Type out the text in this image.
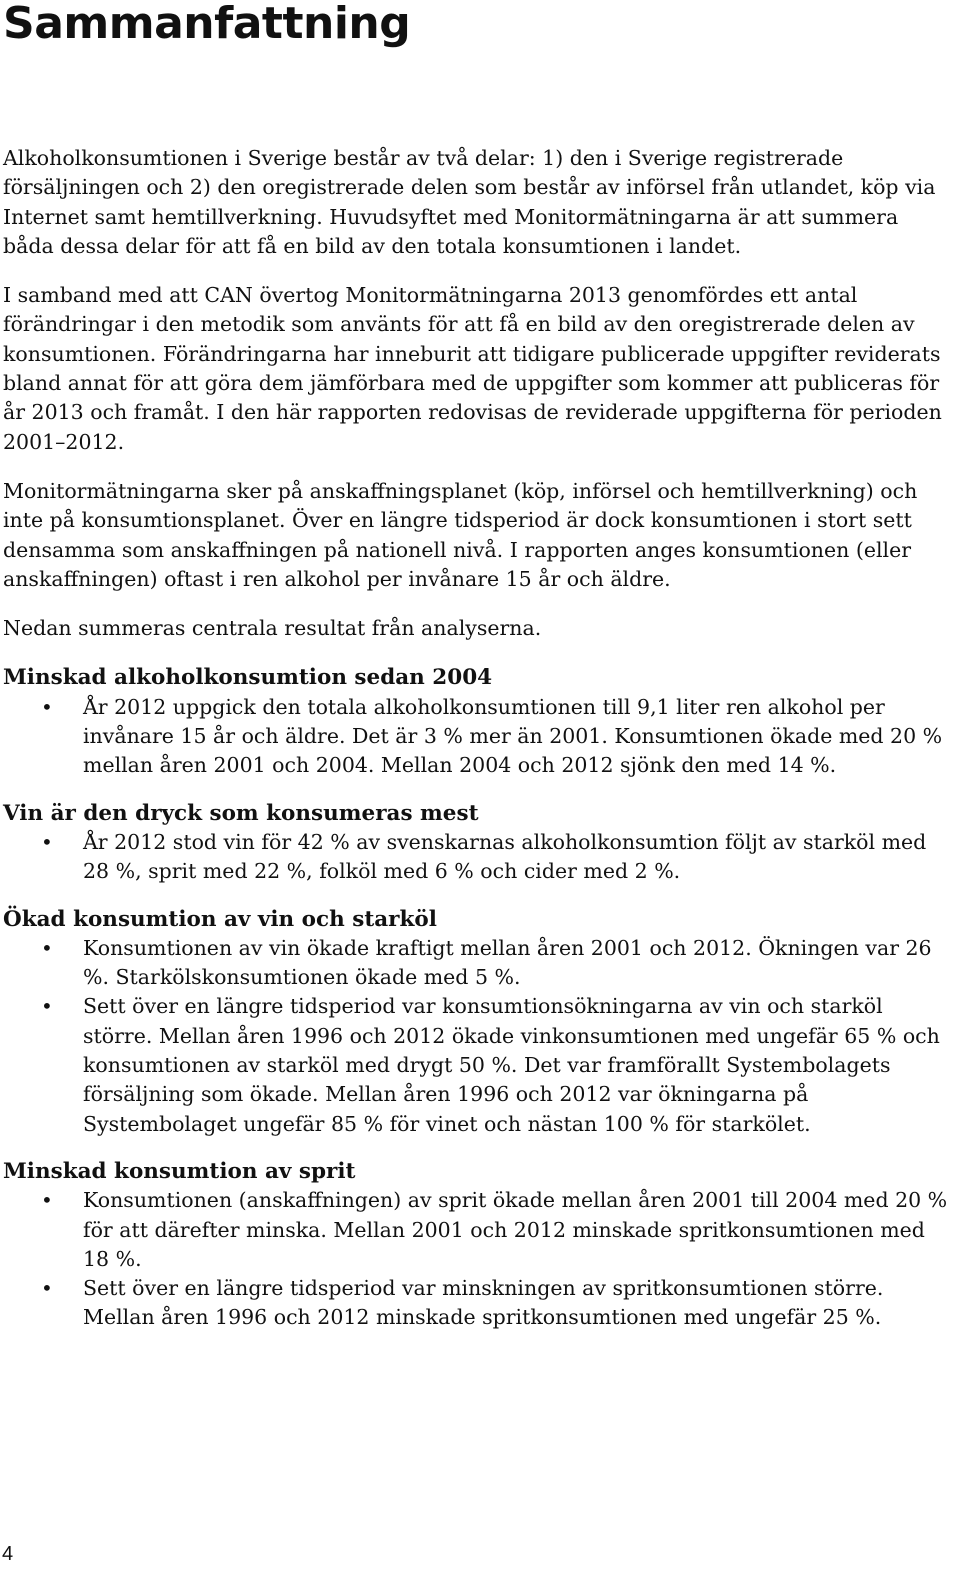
Sammanfattning

Alkoholkonsumtionen i Sverige består av två delar: 1) den i Sverige registrerade försäljningen och 2) den oregistrerade delen som består av införsel från utlandet, köp via Internet samt hemtillverkning. Huvudsyftet med Monitormätningarna är att summera båda dessa delar för att få en bild av den totala konsumtionen i landet.

I samband med att CAN övertog Monitormätningarna 2013 genomfördes ett antal förändringar i den metodik som använts för att få en bild av den oregistrerade delen av konsumtionen. Förändringarna har inneburit att tidigare publicerade uppgifter reviderats bland annat för att göra dem jämförbara med de uppgifter som kommer att publiceras för år 2013 och framåt. I den här rapporten redovisas de reviderade uppgifterna för perioden 2001–2012.

Monitormätningarna sker på anskaffningsplanet (köp, införsel och hemtillverkning) och inte på konsumtionsplanet. Över en längre tidsperiod är dock konsumtionen i stort sett densamma som anskaffningen på nationell nivå. I rapporten anges konsumtionen (eller anskaffningen) oftast i ren alkohol per invånare 15 år och äldre.

Nedan summeras centrala resultat från analyserna.

Minskad alkoholkonsumtion sedan 2004
• År 2012 uppgick den totala alkoholkonsumtionen till 9,1 liter ren alkohol per invånare 15 år och äldre. Det är 3 % mer än 2001. Konsumtionen ökade med 20 % mellan åren 2001 och 2004. Mellan 2004 och 2012 sjönk den med 14 %.
Vin är den dryck som konsumeras mest
• År 2012 stod vin för 42 % av svenskarnas alkoholkonsumtion följt av starköl med 28 %, sprit med 22 %, folköl med 6 % och cider med 2 %.
Ökad konsumtion av vin och starköl
• Konsumtionen av vin ökade kraftigt mellan åren 2001 och 2012. Ökningen var 26 %. Starkölskonsumtionen ökade med 5 %.
• Sett över en längre tidsperiod var konsumtionsökningarna av vin och starköl större. Mellan åren 1996 och 2012 ökade vinkonsumtionen med ungefär 65 % och konsumtionen av starköl med drygt 50 %. Det var framförallt Systembolagets försäljning som ökade. Mellan åren 1996 och 2012 var ökningarna på Systembolaget ungefär 85 % för vinet och nästan 100 % för starkölet.
Minskad konsumtion av sprit
• Konsumtionen (anskaffningen) av sprit ökade mellan åren 2001 till 2004 med 20 % för att därefter minska. Mellan 2001 och 2012 minskade spritkonsumtionen med 18 %.
• Sett över en längre tidsperiod var minskningen av spritkonsumtionen större. Mellan åren 1996 och 2012 minskade spritkonsumtionen med ungefär 25 %.
4
